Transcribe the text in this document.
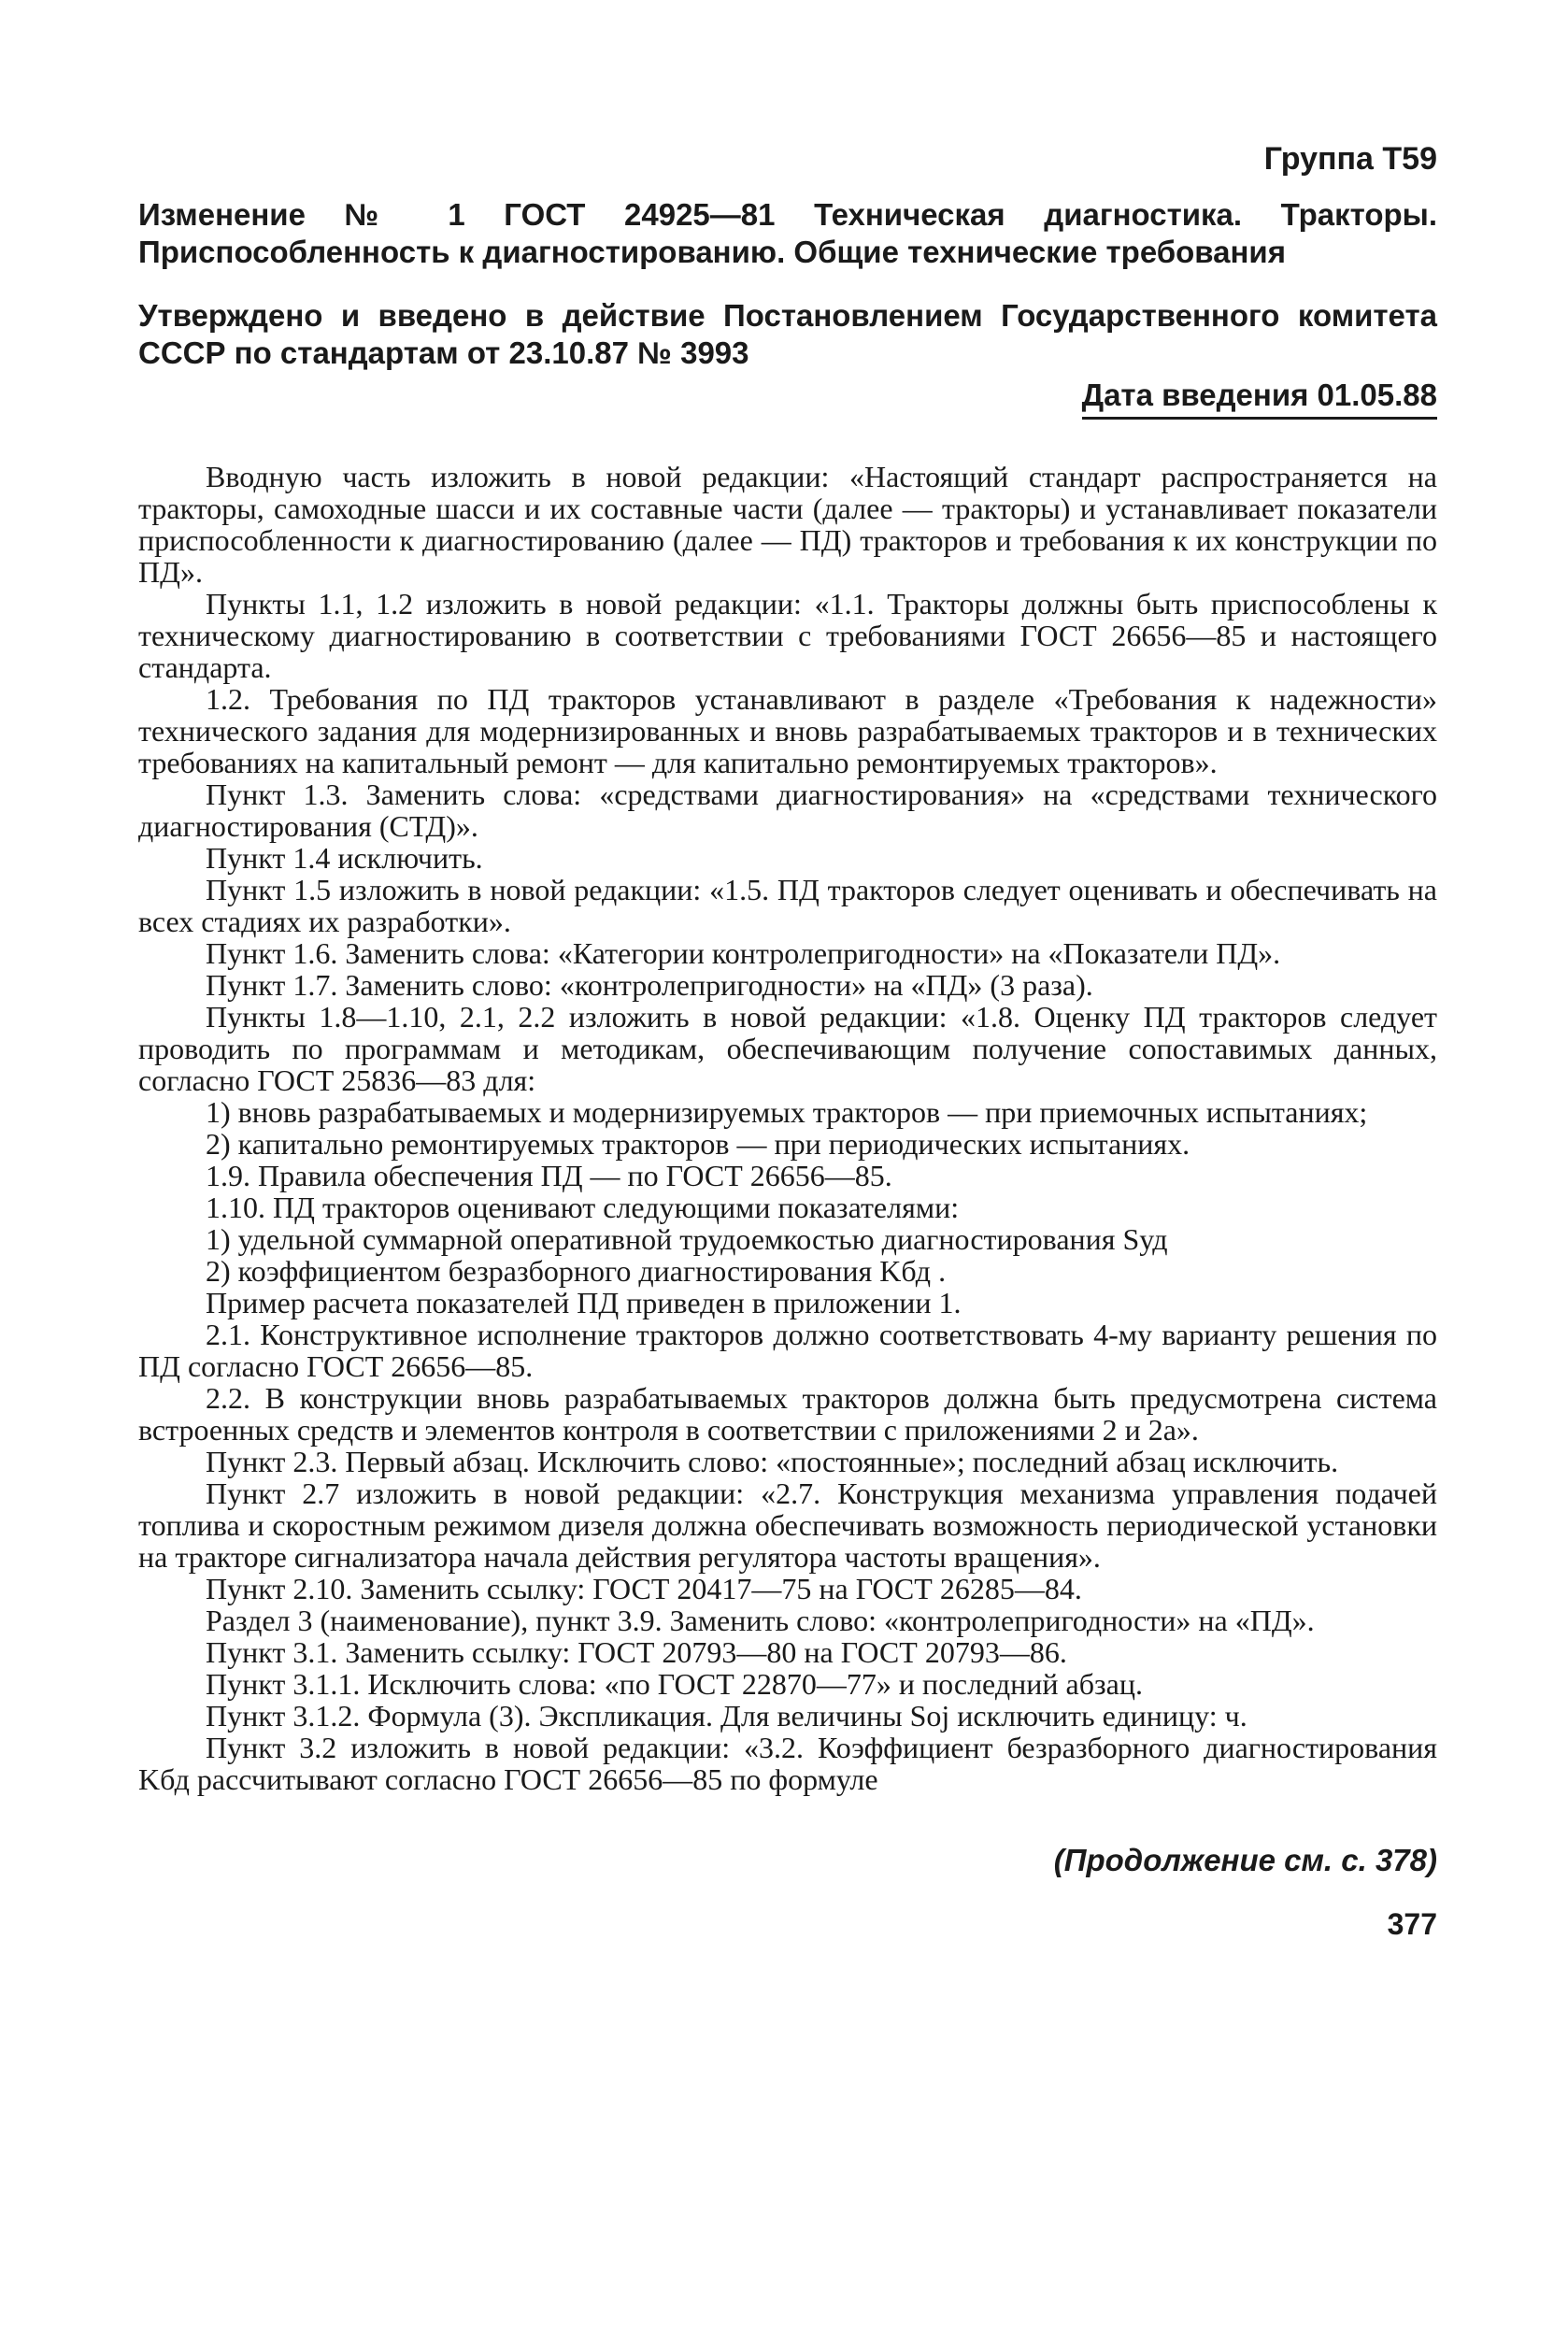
Группа Т59

Изменение № 1 ГОСТ 24925—81 Техническая диагностика. Тракторы. Приспособленность к диагностированию. Общие технические требования

Утверждено и введено в действие Постановлением Государственного комитета СССР по стандартам от 23.10.87 № 3993

Дата введения 01.05.88

Вводную часть изложить в новой редакции: «Настоящий стандарт распространяется на тракторы, самоходные шасси и их составные части (далее — тракторы) и устанавливает показатели приспособленности к диагностированию (далее — ПД) тракторов и требования к их конструкции по ПД».

Пункты 1.1, 1.2 изложить в новой редакции: «1.1. Тракторы должны быть приспособлены к техническому диагностированию в соответствии с требованиями ГОСТ 26656—85 и настоящего стандарта.

1.2. Требования по ПД тракторов устанавливают в разделе «Требования к надежности» технического задания для модернизированных и вновь разрабатываемых тракторов и в технических требованиях на капитальный ремонт — для капитально ремонтируемых тракторов».

Пункт 1.3. Заменить слова: «средствами диагностирования» на «средствами технического диагностирования (СТД)».

Пункт 1.4 исключить.

Пункт 1.5 изложить в новой редакции: «1.5. ПД тракторов следует оценивать и обеспечивать на всех стадиях их разработки».

Пункт 1.6. Заменить слова: «Категории контролепригодности» на «Показатели ПД».

Пункт 1.7. Заменить слово: «контролепригодности» на «ПД» (3 раза).

Пункты 1.8—1.10, 2.1, 2.2 изложить в новой редакции: «1.8. Оценку ПД тракторов следует проводить по программам и методикам, обеспечивающим получение сопоставимых данных, согласно ГОСТ 25836—83 для:

1) вновь разрабатываемых и модернизируемых тракторов — при приемочных испытаниях;

2) капитально ремонтируемых тракторов — при периодических испытаниях.

1.9. Правила обеспечения ПД — по ГОСТ 26656—85.

1.10. ПД тракторов оценивают следующими показателями:

1) удельной суммарной оперативной трудоемкостью диагностирования Sуд

2) коэффициентом безразборного диагностирования Kбд .

Пример расчета показателей ПД приведен в приложении 1.

2.1. Конструктивное исполнение тракторов должно соответствовать 4-му варианту решения по ПД согласно ГОСТ 26656—85.

2.2. В конструкции вновь разрабатываемых тракторов должна быть предусмотрена система встроенных средств и элементов контроля в соответствии с приложениями 2 и 2а».

Пункт 2.3. Первый абзац. Исключить слово: «постоянные»; последний абзац исключить.

Пункт 2.7 изложить в новой редакции: «2.7. Конструкция механизма управления подачей топлива и скоростным режимом дизеля должна обеспечивать возможность периодической установки на тракторе сигнализатора начала действия регулятора частоты вращения».

Пункт 2.10. Заменить ссылку: ГОСТ 20417—75 на ГОСТ 26285—84.

Раздел 3 (наименование), пункт 3.9. Заменить слово: «контролепригодности» на «ПД».

Пункт 3.1. Заменить ссылку: ГОСТ 20793—80 на ГОСТ 20793—86.

Пункт 3.1.1. Исключить слова: «по ГОСТ 22870—77» и последний абзац.

Пункт 3.1.2. Формула (3). Экспликация. Для величины Soj исключить единицу: ч.

Пункт 3.2 изложить в новой редакции: «3.2. Коэффициент безразборного диагностирования Kбд рассчитывают согласно ГОСТ 26656—85 по формуле

(Продолжение см. с. 378)
377
